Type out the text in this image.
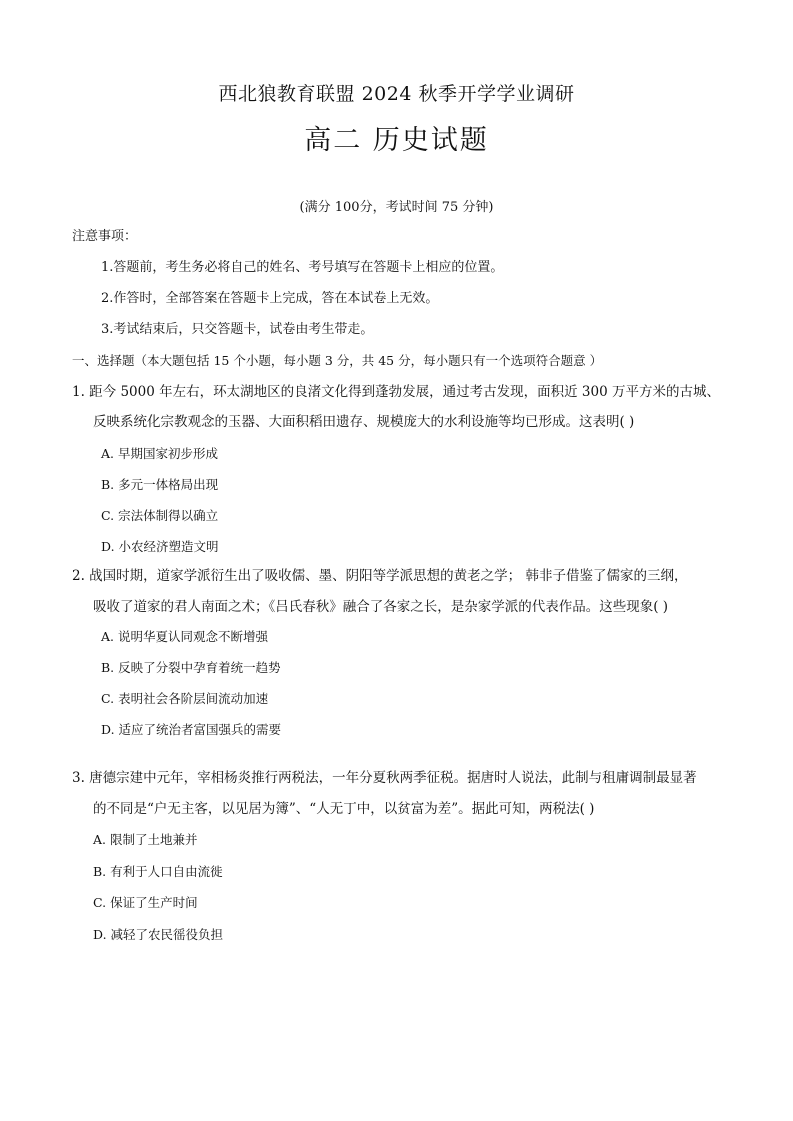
西北狼教育联盟 2024 秋季开学学业调研
高二 历史试题
(满分 100分，考试时间 75 分钟)
注意事项：
1.答题前，考生务必将自己的姓名、考号填写在答题卡上相应的位置。
2.作答时，全部答案在答题卡上完成，答在本试卷上无效。
3.考试结束后，只交答题卡，试卷由考生带走。
一、选择题（本大题包括 15 个小题，每小题 3 分，共 45 分，每小题只有一个选项符合题意 ）
1. 距今 5000 年左右，环太湖地区的良渚文化得到蓬勃发展，通过考古发现，面积近 300 万平方米的古城、
反映系统化宗教观念的玉器、大面积稻田遗存、规模庞大的水利设施等均已形成。这表明( )
A. 早期国家初步形成
B. 多元一体格局出现
C. 宗法体制得以确立
D. 小农经济塑造文明
2. 战国时期，道家学派衍生出了吸收儒、墨、阴阳等学派思想的黄老之学； 韩非子借鉴了儒家的三纲，
吸收了道家的君人南面之术；《吕氏春秋》融合了各家之长，是杂家学派的代表作品。这些现象( )
A. 说明华夏认同观念不断增强
B. 反映了分裂中孕育着统一趋势
C. 表明社会各阶层间流动加速
D. 适应了统治者富国强兵的需要
3. 唐德宗建中元年，宰相杨炎推行两税法，一年分夏秋两季征税。据唐时人说法，此制与租庸调制最显著
的不同是“户无主客，以见居为簿”、“人无丁中，以贫富为差”。据此可知，两税法( )
A. 限制了土地兼并
B. 有利于人口自由流徙
C. 保证了生产时间
D. 减轻了农民徭役负担
